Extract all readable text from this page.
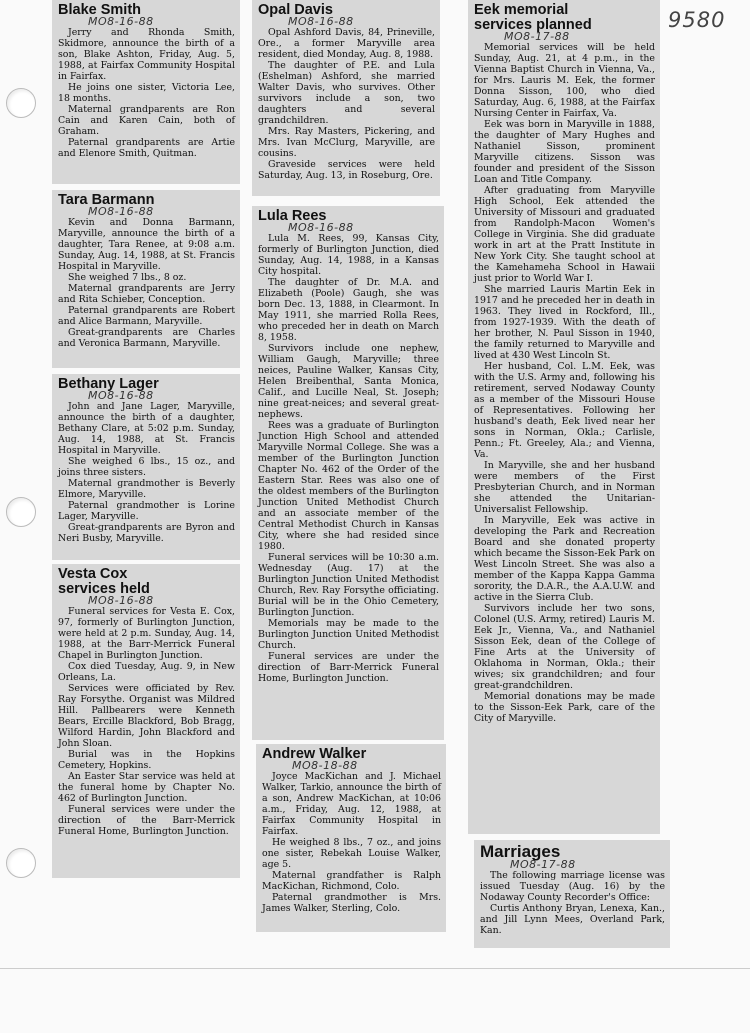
9580
Blake Smith
MO8-16-88

Jerry and Rhonda Smith, Skidmore, announce the birth of a son, Blake Ashton, Friday, Aug. 5, 1988, at Fairfax Community Hospital in Fairfax.

He joins one sister, Victoria Lee, 18 months.

Maternal grandparents are Ron Cain and Karen Cain, both of Graham.

Paternal grandparents are Artie and Elenore Smith, Quitman.

Tara Barmann
MO8-16-88

Kevin and Donna Barmann, Maryville, announce the birth of a daughter, Tara Renee, at 9:08 a.m. Sunday, Aug. 14, 1988, at St. Francis Hospital in Maryville.

She weighed 7 lbs., 8 oz.

Maternal grandparents are Jerry and Rita Schieber, Conception.

Paternal grandparents are Robert and Alice Barmann, Maryville.

Great-grandparents are Charles and Veronica Barmann, Maryville.

Bethany Lager
MO8-16-88

John and Jane Lager, Maryville, announce the birth of a daughter, Bethany Clare, at 5:02 p.m. Sunday, Aug. 14, 1988, at St. Francis Hospital in Maryville.

She weighed 6 lbs., 15 oz., and joins three sisters.

Maternal grandmother is Beverly Elmore, Maryville.

Paternal grandmother is Lorine Lager, Maryville.

Great-grandparents are Byron and Neri Busby, Maryville.

Vesta Cox services held
MO8-16-88

Funeral services for Vesta E. Cox, 97, formerly of Burlington Junction, were held at 2 p.m. Sunday, Aug. 14, 1988, at the Barr-Merrick Funeral Chapel in Burlington Junction.

Cox died Tuesday, Aug. 9, in New Orleans, La.

Services were officiated by Rev. Ray Forsythe. Organist was Mildred Hill. Pallbearers were Kenneth Bears, Ercille Blackford, Bob Bragg, Wilford Hardin, John Blackford and John Sloan.

Burial was in the Hopkins Cemetery, Hopkins.

An Easter Star service was held at the funeral home by Chapter No. 462 of Burlington Junction.

Funeral services were under the direction of the Barr-Merrick Funeral Home, Burlington Junction.

Opal Davis
MO8-16-88

Opal Ashford Davis, 84, Prineville, Ore., a former Maryville area resident, died Monday, Aug. 8, 1988.

The daughter of P.E. and Lula (Eshelman) Ashford, she married Walter Davis, who survives. Other survivors include a son, two daughters and several grandchildren.

Mrs. Ray Masters, Pickering, and Mrs. Ivan McClurg, Maryville, are cousins.

Graveside services were held Saturday, Aug. 13, in Roseburg, Ore.

Lula Rees
MO8-16-88

Lula M. Rees, 99, Kansas City, formerly of Burlington Junction, died Sunday, Aug. 14, 1988, in a Kansas City hospital.

The daughter of Dr. M.A. and Elizabeth (Poole) Gaugh, she was born Dec. 13, 1888, in Clearmont. In May 1911, she married Rolla Rees, who preceded her in death on March 8, 1958.

Survivors include one nephew, William Gaugh, Maryville; three neices, Pauline Walker, Kansas City, Helen Breibenthal, Santa Monica, Calif., and Lucille Neal, St. Joseph; nine great-neices; and several great-nephews.

Rees was a graduate of Burlington Junction High School and attended Maryville Normal College. She was a member of the Burlington Junction Chapter No. 462 of the Order of the Eastern Star. Rees was also one of the oldest members of the Burlington Junction United Methodist Church and an associate member of the Central Methodist Church in Kansas City, where she had resided since 1980.

Funeral services will be 10:30 a.m. Wednesday (Aug. 17) at the Burlington Junction United Methodist Church, Rev. Ray Forsythe officiating. Burial will be in the Ohio Cemetery, Burlington Junction.

Memorials may be made to the Burlington Junction United Methodist Church.

Funeral services are under the direction of Barr-Merrick Funeral Home, Burlington Junction.

Andrew Walker
MO8-18-88

Joyce MacKichan and J. Michael Walker, Tarkio, announce the birth of a son, Andrew MacKichan, at 10:06 a.m., Friday, Aug. 12, 1988, at Fairfax Community Hospital in Fairfax.

He weighed 8 lbs., 7 oz., and joins one sister, Rebekah Louise Walker, age 5.

Maternal grandfather is Ralph MacKichan, Richmond, Colo.

Paternal grandmother is Mrs. James Walker, Sterling, Colo.

Eek memorial services planned
MO8-17-88

Memorial services will be held Sunday, Aug. 21, at 4 p.m., in the Vienna Baptist Church in Vienna, Va., for Mrs. Lauris M. Eek, the former Donna Sisson, 100, who died Saturday, Aug. 6, 1988, at the Fairfax Nursing Center in Fairfax, Va.

Eek was born in Maryville in 1888, the daughter of Mary Hughes and Nathaniel Sisson, prominent Maryville citizens. Sisson was founder and president of the Sisson Loan and Title Company.

After graduating from Maryville High School, Eek attended the University of Missouri and graduated from Randolph-Macon Women's College in Virginia. She did graduate work in art at the Pratt Institute in New York City. She taught school at the Kamehameha School in Hawaii just prior to World War I.

She married Lauris Martin Eek in 1917 and he preceded her in death in 1963. They lived in Rockford, Ill., from 1927-1939. With the death of her brother, N. Paul Sisson in 1940, the family returned to Maryville and lived at 430 West Lincoln St.

Her husband, Col. L.M. Eek, was with the U.S. Army and, following his retirement, served Nodaway County as a member of the Missouri House of Representatives. Following her husband's death, Eek lived near her sons in Norman, Okla.; Carlisle, Penn.; Ft. Greeley, Ala.; and Vienna, Va.

In Maryville, she and her husband were members of the First Presbyterian Church, and in Norman she attended the Unitarian-Universalist Fellowship.

In Maryville, Eek was active in developing the Park and Recreation Board and she donated property which became the Sisson-Eek Park on West Lincoln Street. She was also a member of the Kappa Kappa Gamma sorority, the D.A.R., the A.A.U.W. and active in the Sierra Club.

Survivors include her two sons, Colonel (U.S. Army, retired) Lauris M. Eek Jr., Vienna, Va., and Nathaniel Sisson Eek, dean of the College of Fine Arts at the University of Oklahoma in Norman, Okla.; their wives; six grandchildren; and four great-grandchildren.

Memorial donations may be made to the Sisson-Eek Park, care of the City of Maryville.

Marriages
MO8-17-88

The following marriage license was issued Tuesday (Aug. 16) by the Nodaway County Recorder's Office:

Curtis Anthony Bryan, Lenexa, Kan., and Jill Lynn Mees, Overland Park, Kan.
